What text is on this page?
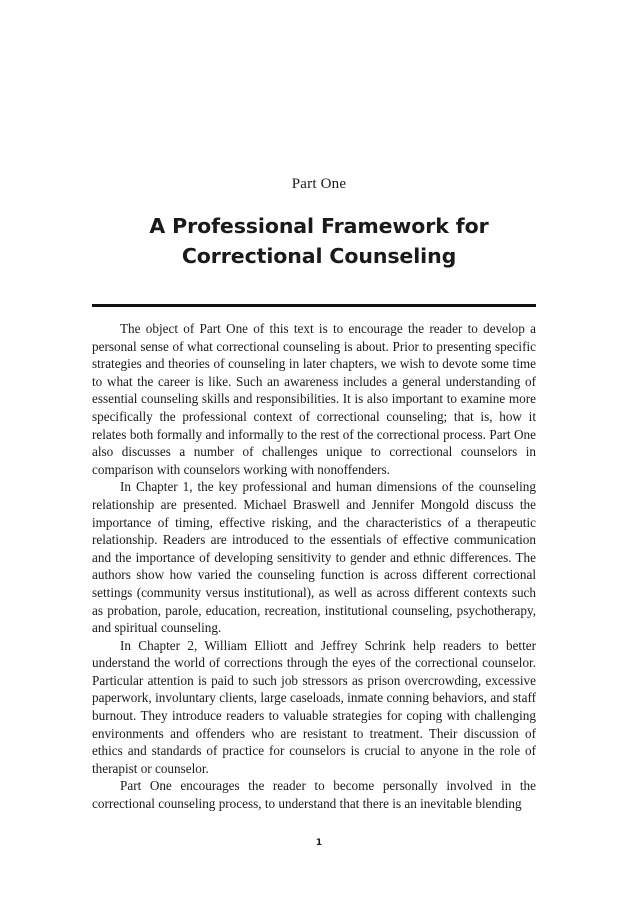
Part One
A Professional Framework for
Correctional Counseling

The object of Part One of this text is to encourage the reader to develop a personal sense of what correctional counseling is about. Prior to presenting specific strategies and theories of counseling in later chapters, we wish to devote some time to what the career is like. Such an awareness includes a general understanding of essential counseling skills and responsibilities. It is also important to examine more specifically the professional context of correctional counseling; that is, how it relates both formally and informally to the rest of the correctional process. Part One also discusses a number of challenges unique to correctional counselors in comparison with counselors working with nonoffenders.

In Chapter 1, the key professional and human dimensions of the counseling relationship are presented. Michael Braswell and Jennifer Mongold discuss the importance of timing, effective risking, and the characteristics of a therapeutic relationship. Readers are introduced to the essentials of effective communication and the importance of developing sensitivity to gender and ethnic differences. The authors show how varied the counseling function is across different correctional settings (community versus institutional), as well as across different contexts such as probation, parole, education, recreation, institutional counseling, psychotherapy, and spiritual counseling.

In Chapter 2, William Elliott and Jeffrey Schrink help readers to better understand the world of corrections through the eyes of the correctional counselor. Particular attention is paid to such job stressors as prison overcrowding, excessive paperwork, involuntary clients, large caseloads, inmate conning behaviors, and staff burnout. They introduce readers to valuable strategies for coping with challenging environments and offenders who are resistant to treatment. Their discussion of ethics and standards of practice for counselors is crucial to anyone in the role of therapist or counselor.

Part One encourages the reader to become personally involved in the correctional counseling process, to understand that there is an inevitable blending

1
